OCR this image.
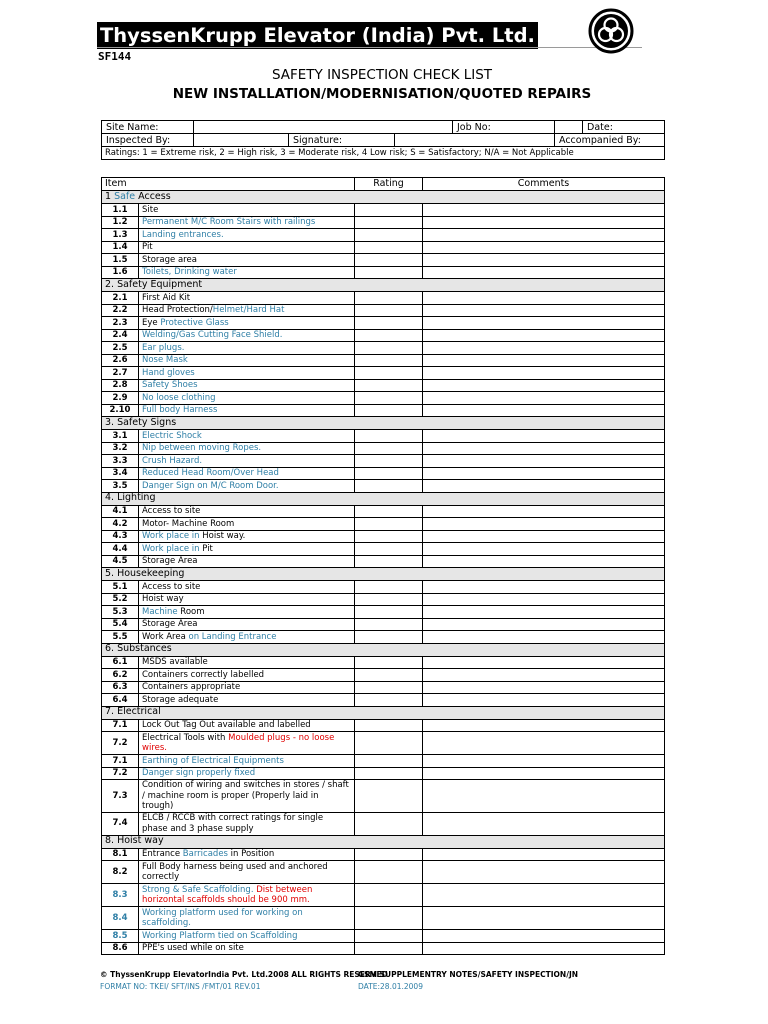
ThyssenKrupp Elevator (India) Pvt. Ltd.
SF144
SAFETY INSPECTION CHECK LIST
NEW INSTALLATION/MODERNISATION/QUOTED REPAIRS
Site Name:				Job No:		Date:
Inspected By:		Signature:			Accompanied By:	
Ratings: 1 = Extreme risk, 2 = High risk, 3 = Moderate risk, 4 Low risk; S = Satisfactory; N/A = Not Applicable						
Item		Rating	Comments
1 Safe Access			
1.1	Site		
1.2	Permanent M/C Room Stairs with railings		
1.3	Landing entrances.		
1.4	Pit		
1.5	Storage area		
1.6	Toilets, Drinking water		
2. Safety Equipment			
2.1	First Aid Kit		
2.2	Head Protection/Helmet/Hard Hat		
2.3	Eye Protective Glass		
2.4	Welding/Gas Cutting Face Shield.		
2.5	Ear plugs.		
2.6	Nose Mask		
2.7	Hand gloves		
2.8	Safety Shoes		
2.9	No loose clothing		
2.10	Full body Harness		
3. Safety Signs			
3.1	Electric Shock		
3.2	Nip between moving Ropes.		
3.3	Crush Hazard.		
3.4	Reduced Head Room/Over Head		
3.5	Danger Sign on M/C Room Door.		
4. Lighting			
4.1	Access to site		
4.2	Motor- Machine Room		
4.3	Work place in Hoist way.		
4.4	Work place in Pit		
4.5	Storage Area		
5. Housekeeping			
5.1	Access to site		
5.2	Hoist way		
5.3	Machine Room		
5.4	Storage Area		
5.5	Work Area on Landing Entrance		
6. Substances			
6.1	MSDS available		
6.2	Containers correctly labelled		
6.3	Containers appropriate		
6.4	Storage adequate		
7. Electrical			
7.1	Lock Out Tag Out available and labelled		
7.2	Electrical Tools with Moulded plugs - no loose wires.		
7.1	Earthing of Electrical Equipments		
7.2	Danger sign properly fixed		
7.3	Condition of wiring and switches in stores / shaft / machine room is proper (Properly laid in trough)		
7.4	ELCB / RCCB with correct ratings for single phase and 3 phase supply		
8. Hoist way			
8.1	Entrance Barricades in Position		
8.2	Full Body harness being used and anchored correctly		
8.3	Strong & Safe Scaffolding. Dist between horizontal scaffolds should be 900 mm.		
8.4	Working platform used for working on scaffolding.		
8.5	Working Platform tied on Scaffolding		
8.6	PPE's used while on site		
© ThyssenKrupp ElevatorIndia Pvt. Ltd.2008 ALL RIGHTS RESERVED
FORMAT NO: TKEI/ SFT/INS /FMT/01 REV.01
GSM SUPPLEMENTRY NOTES/SAFETY INSPECTION/JN
DATE:28.01.2009
